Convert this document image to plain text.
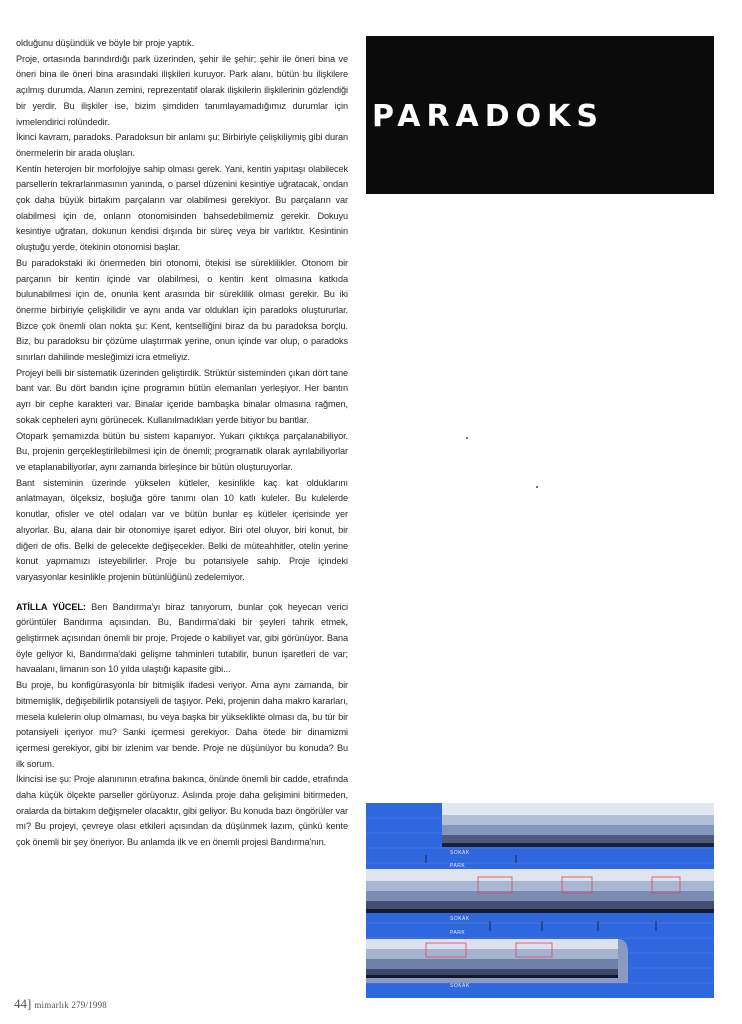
olduğunu düşündük ve böyle bir proje yaptık.

Proje, ortasında barındırdığı park üzerinden, şehir ile şehir; şehir ile öneri bina ve öneri bina ile öneri bina arasındaki ilişkileri kuruyor. Park alanı, bütün bu ilişkilere açılmış durumda. Alanın zemini, reprezentatif olarak ilişkilerin ilişkilerinin gözlendiği bir yerdir. Bu ilişkiler ise, bizim şimdiden tanımlayamadığımız durumlar için ivmelendirici rolündedir.

İkinci kavram, paradoks. Paradoksun bir anlamı şu: Birbiriyle çelişkiliymiş gibi duran önermelerin bir arada oluşları.

Kentin heterojen bir morfolojiye sahip olması gerek. Yani, kentin yapıtaşı olabilecek parsellerin tekrarlanmasının yanında, o parsel düzenini kesintiye uğratacak, ondan çok daha büyük birtakım parçaların var olabilmesi gerekiyor. Bu parçaların var olabilmesi için de, onların otonomisinden bahsedebilmemiz gerekir. Dokuyu kesintiye uğratan, dokunun kendisi dışında bir süreç veya bir varlıktır. Kesintinin oluştuğu yerde, ötekinin otonomisi başlar.

Bu paradokstaki iki önermeden biri otonomi, ötekisi ise süreklilikler. Otonom bir parçanın bir kentin içinde var olabilmesi, o kentin kent olmasına katkıda bulunabilmesi için de, onunla kent arasında bir süreklilik olması gerekir. Bu iki önerme birbiriyle çelişkilidir ve aynı anda var oldukları için paradoks oluştururlar. Bizce çok önemli olan nokta şu: Kent, kentselliğini biraz da bu paradoksa borçlu. Biz, bu paradoksu bir çözüme ulaştırmak yerine, onun içinde var olup, o paradoks sınırları dahilinde mesleğimizi icra etmeliyiz.

Projeyi belli bir sistematik üzerinden geliştirdik. Strüktür sisteminden çıkan dört tane bant var. Bu dört bandın içine programın bütün elemanları yerleşiyor. Her bantın ayrı bir cephe karakteri var. Binalar içeride bambaşka binalar olmasına rağmen, sokak cepheleri aynı görünecek. Kullanılmadıkları yerde bitiyor bu bantlar.

Otopark şemamızda bütün bu sistem kapanıyor. Yukarı çıktıkça parçalanabiliyor. Bu, projenin gerçekleştirilebilmesi için de önemli; programatik olarak ayrılabiliyorlar ve etaplanabiliyorlar, aynı zamanda birleşince bir bütün oluşturuyorlar.

Bant sisteminin üzerinde yükselen kütleler, kesinlikle kaç kat olduklarını anlatmayan, ölçeksiz, boşluğa göre tanımı olan 10 katlı kuleler. Bu kulelerde konutlar, ofisler ve otel odaları var ve bütün bunlar eş kütleler içerisinde yer alıyorlar. Bu, alana dair bir otonomiye işaret ediyor. Biri otel oluyor, biri konut, bir diğeri de ofis. Belki de gelecekte değişecekler. Belki de müteahhitler, otelin yerine konut yapmamızı isteyebilirler. Proje bu potansiyele sahip. Proje içindeki varyasyonlar kesinlikle projenin bütünlüğünü zedelemiyor.

ATİLLA YÜCEL: Ben Bandırma'yı biraz tanıyorum, bunlar çok heyecan verici görüntüler Bandırma açısından. Bu, Bandırma'daki bir şeyleri tahrik etmek, geliştirmek açısından önemli bir proje. Projede o kabiliyet var, gibi görünüyor. Bana öyle geliyor ki, Bandırma'daki gelişme tahminleri tutabilir, bunun işaretleri de var; havaalanı, limanın son 10 yılda ulaştığı kapasite gibi...

Bu proje, bu konfigürasyonla bir bitmişlik ifadesi veriyor. Ama aynı zamanda, bir bitmemişlik, değişebilirlik potansiyeli de taşıyor. Peki, projenin daha makro kararları, mesela kulelerin olup olmaması, bu veya başka bir yükseklikte olması da, bu tür bir potansiyeli içeriyor mu? Sanki içermesi gerekiyor. Daha ötede bir dinamizmi içermesi gerekiyor, gibi bir izlenim var bende. Proje ne düşünüyor bu konuda? Bu ilk sorum.

İkincisi ise şu: Proje alanınının etrafına bakınca, önünde önemli bir cadde, etrafında daha küçük ölçekte parseller görüyoruz. Aslında proje daha gelişimini bitirmeden, oralarda da birtakım değişmeler olacaktır, gibi geliyor. Bu konuda bazı öngörüler var mı? Bu projeyi, çevreye olası etkileri açısından da düşünmek lazım, çünkü kente çok önemli bir şey öneriyor. Bu anlamda ilk ve en önemli projesi Bandırma'nın.

PARADOKS
SOKAK
PARK
SOKAK
PARK
SOKAK
44] mimarlık 279/1998
